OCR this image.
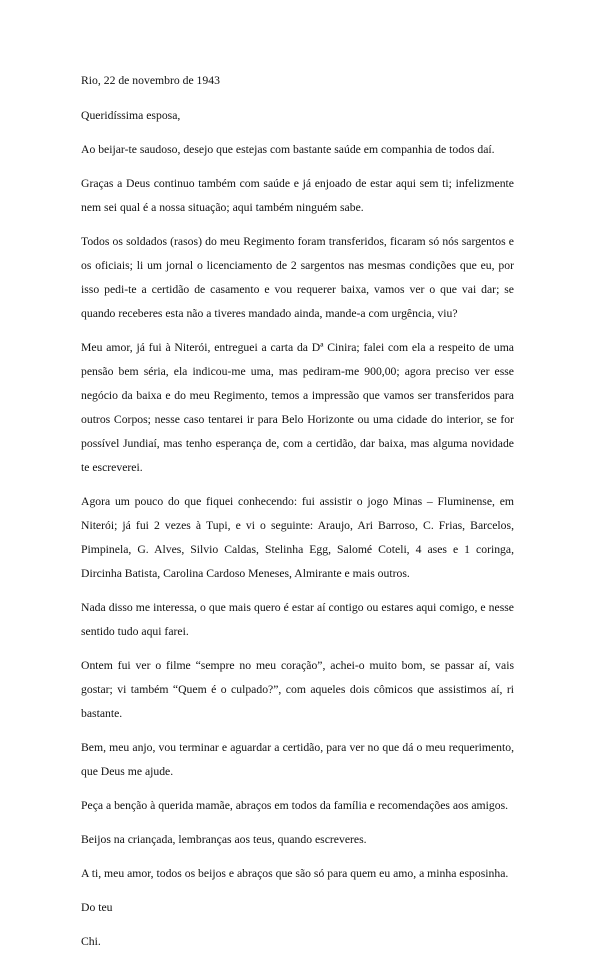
Rio, 22 de novembro de 1943

Queridíssima esposa,

Ao beijar-te saudoso, desejo que estejas com bastante saúde em companhia de todos daí.

Graças a Deus continuo também com saúde e já enjoado de estar aqui sem ti; infelizmente nem sei qual é a nossa situação; aqui também ninguém sabe.

Todos os soldados (rasos) do meu Regimento foram transferidos, ficaram só nós sargentos e os oficiais; li um jornal o licenciamento de 2 sargentos nas mesmas condições que eu, por isso pedi-te a certidão de casamento e vou requerer baixa, vamos ver o que vai dar; se quando receberes esta não a tiveres mandado ainda, mande-a com urgência, viu?

Meu amor, já fui à Niterói, entreguei a carta da Dª Cinira; falei com ela a respeito de uma pensão bem séria, ela indicou-me uma, mas pediram-me 900,00; agora preciso ver esse negócio da baixa e do meu Regimento, temos a impressão que vamos ser transferidos para outros Corpos; nesse caso tentarei ir para Belo Horizonte ou uma cidade do interior, se for possível Jundiaí, mas tenho esperança de, com a certidão, dar baixa, mas alguma novidade te escreverei.

Agora um pouco do que fiquei conhecendo: fui assistir o jogo Minas – Fluminense, em Niterói; já fui 2 vezes à Tupi, e vi o seguinte: Araujo, Ari Barroso, C. Frias, Barcelos, Pimpinela, G. Alves, Silvio Caldas, Stelinha Egg, Salomé Coteli, 4 ases e 1 coringa, Dircinha Batista, Carolina Cardoso Meneses, Almirante e mais outros.

Nada disso me interessa, o que mais quero é estar aí contigo ou estares aqui comigo, e nesse sentido tudo aqui farei.

Ontem fui ver o filme “sempre no meu coração”, achei-o muito bom, se passar aí, vais gostar; vi também “Quem é o culpado?”, com aqueles dois cômicos que assistimos aí, ri bastante.

Bem, meu anjo, vou terminar e aguardar a certidão, para ver no que dá o meu requerimento, que Deus me ajude.

Peça a benção à querida mamãe, abraços em todos da família e recomendações aos amigos.

Beijos na criançada, lembranças aos teus, quando escreveres.

A ti, meu amor, todos os beijos e abraços que são só para quem eu amo, a minha esposinha.

Do teu

Chi.
